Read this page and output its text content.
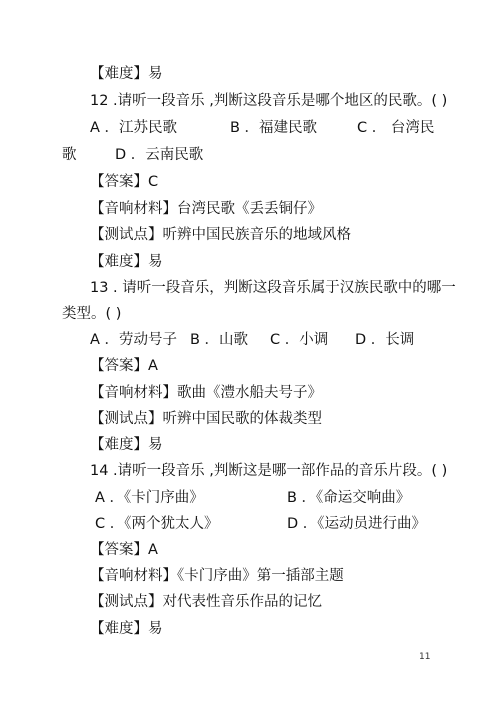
【难度】易
12 .请听一段音乐 ,判断这段音乐是哪个地区的民歌。( )
A ．江苏民歌	B ．福建民歌	C ． 台湾民
歌	D ．云南民歌
【答案】C
【音响材料】台湾民歌《丢丢铜仔》
【测试点】听辨中国民族音乐的地域风格
【难度】易
13 . 请听一段音乐，判断这段音乐属于汉族民歌中的哪一
类型。( )
A ．劳动号子 B ．山歌 C ．小调 D ．长调
【答案】A
【音响材料】歌曲《澧水船夫号子》
【测试点】听辨中国民歌的体裁类型
【难度】易
14 .请听一段音乐 ,判断这是哪一部作品的音乐片段。( )
A ．《卡门序曲》	B ．《命运交响曲》
C ．《两个犹太人》	D ．《运动员进行曲》
【答案】A
【音响材料】《卡门序曲》第一插部主题
【测试点】对代表性音乐作品的记忆
【难度】易
11
